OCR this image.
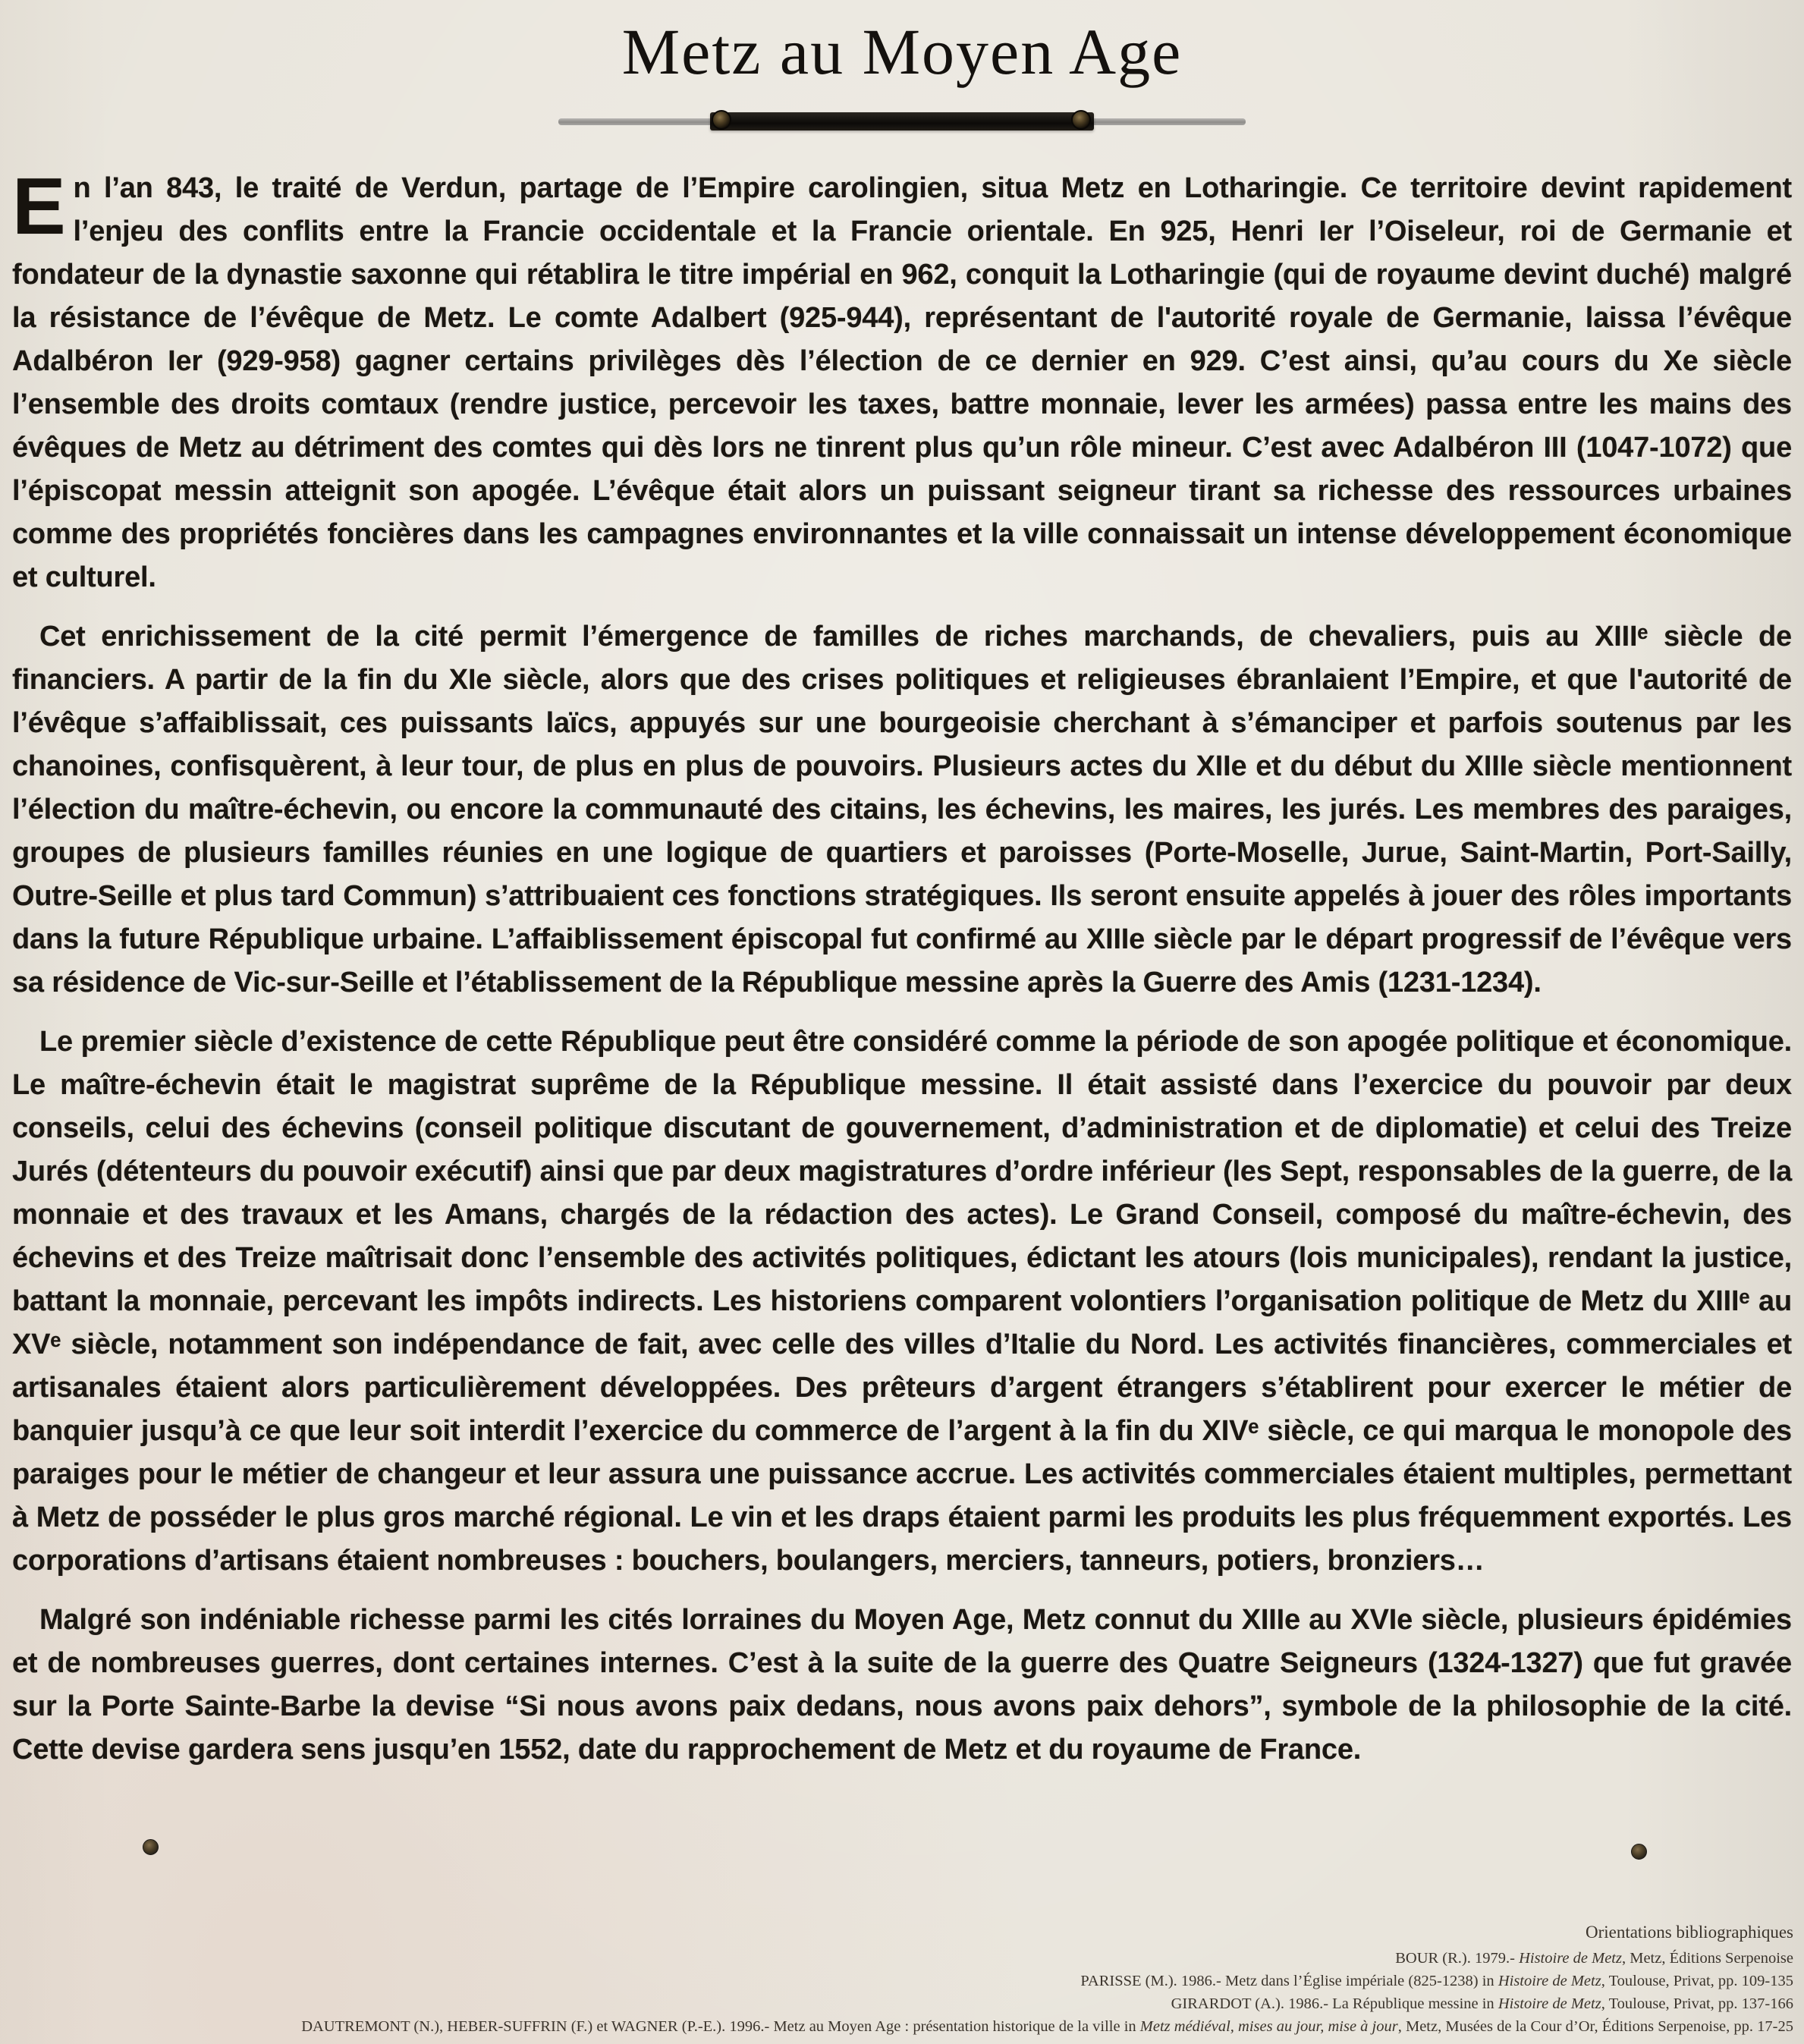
Metz au Moyen Age

En l’an 843, le traité de Verdun, partage de l’Empire carolingien, situa Metz en Lotharingie. Ce territoire devint rapidement l’enjeu des conflits entre la Francie occidentale et la Francie orientale. En 925, Henri Ier l’Oiseleur, roi de Germanie et fondateur de la dynastie saxonne qui rétablira le titre impérial en 962, conquit la Lotharingie (qui de royaume devint duché) malgré la résistance de l’évêque de Metz. Le comte Adalbert (925-944), représentant de l'autorité royale de Germanie, laissa l’évêque Adalbéron Ier (929-958) gagner certains privilèges dès l’élection de ce dernier en 929. C’est ainsi, qu’au cours du Xe siècle l’ensemble des droits comtaux (rendre justice, percevoir les taxes, battre monnaie, lever les armées) passa entre les mains des évêques de Metz au détriment des comtes qui dès lors ne tinrent plus qu’un rôle mineur. C’est avec Adalbéron III (1047-1072) que l’épiscopat messin atteignit son apogée. L’évêque était alors un puissant seigneur tirant sa richesse des ressources urbaines comme des propriétés foncières dans les campagnes environnantes et la ville connaissait un intense développement économique et culturel.

Cet enrichissement de la cité permit l’émergence de familles de riches marchands, de chevaliers, puis au XIIIᵉ siècle de financiers. A partir de la fin du XIe siècle, alors que des crises politiques et religieuses ébranlaient l’Empire, et que l'autorité de l’évêque s’affaiblissait, ces puissants laïcs, appuyés sur une bourgeoisie cherchant à s’émanciper et parfois soutenus par les chanoines, confisquèrent, à leur tour, de plus en plus de pouvoirs. Plusieurs actes du XIIe et du début du XIIIe siècle mentionnent l’élection du maître-échevin, ou encore la communauté des citains, les échevins, les maires, les jurés. Les membres des paraiges, groupes de plusieurs familles réunies en une logique de quartiers et paroisses (Porte-Moselle, Jurue, Saint-Martin, Port-Sailly, Outre-Seille et plus tard Commun) s’attribuaient ces fonctions stratégiques. Ils seront ensuite appelés à jouer des rôles importants dans la future République urbaine. L’affaiblissement épiscopal fut confirmé au XIIIe siècle par le départ progressif de l’évêque vers sa résidence de Vic-sur-Seille et l’établissement de la République messine après la Guerre des Amis (1231-1234).

Le premier siècle d’existence de cette République peut être considéré comme la période de son apogée politique et économique. Le maître-échevin était le magistrat suprême de la République messine. Il était assisté dans l’exercice du pouvoir par deux conseils, celui des échevins (conseil politique discutant de gouvernement, d’administration et de diplomatie) et celui des Treize Jurés (détenteurs du pouvoir exécutif) ainsi que par deux magistratures d’ordre inférieur (les Sept, responsables de la guerre, de la monnaie et des travaux et les Amans, chargés de la rédaction des actes). Le Grand Conseil, composé du maître-échevin, des échevins et des Treize maîtrisait donc l’ensemble des activités politiques, édictant les atours (lois municipales), rendant la justice, battant la monnaie, percevant les impôts indirects. Les historiens comparent volontiers l’organisation politique de Metz du XIIIᵉ au XVᵉ siècle, notamment son indépendance de fait, avec celle des villes d’Italie du Nord. Les activités financières, commerciales et artisanales étaient alors particulièrement développées. Des prêteurs d’argent étrangers s’établirent pour exercer le métier de banquier jusqu’à ce que leur soit interdit l’exercice du commerce de l’argent à la fin du XIVᵉ siècle, ce qui marqua le monopole des paraiges pour le métier de changeur et leur assura une puissance accrue. Les activités commerciales étaient multiples, permettant à Metz de posséder le plus gros marché régional. Le vin et les draps étaient parmi les produits les plus fréquemment exportés. Les corporations d’artisans étaient nombreuses : bouchers, boulangers, merciers, tanneurs, potiers, bronziers…

Malgré son indéniable richesse parmi les cités lorraines du Moyen Age, Metz connut du XIIIe au XVIe siècle, plusieurs épidémies et de nombreuses guerres, dont certaines internes. C’est à la suite de la guerre des Quatre Seigneurs (1324-1327) que fut gravée sur la Porte Sainte-Barbe la devise “Si nous avons paix dedans, nous avons paix dehors”, symbole de la philosophie de la cité. Cette devise gardera sens jusqu’en 1552, date du rapprochement de Metz et du royaume de France.

Orientations bibliographiques
BOUR (R.). 1979.- Histoire de Metz, Metz, Éditions Serpenoise
PARISSE (M.). 1986.- Metz dans l’Église impériale (825-1238) in Histoire de Metz, Toulouse, Privat, pp. 109-135
GIRARDOT (A.). 1986.- La République messine in Histoire de Metz, Toulouse, Privat, pp. 137-166
DAUTREMONT (N.), HEBER-SUFFRIN (F.) et WAGNER (P.-E.). 1996.- Metz au Moyen Age : présentation historique de la ville in Metz médiéval, mises au jour, mise à jour, Metz, Musées de la Cour d’Or, Éditions Serpenoise, pp. 17-25
